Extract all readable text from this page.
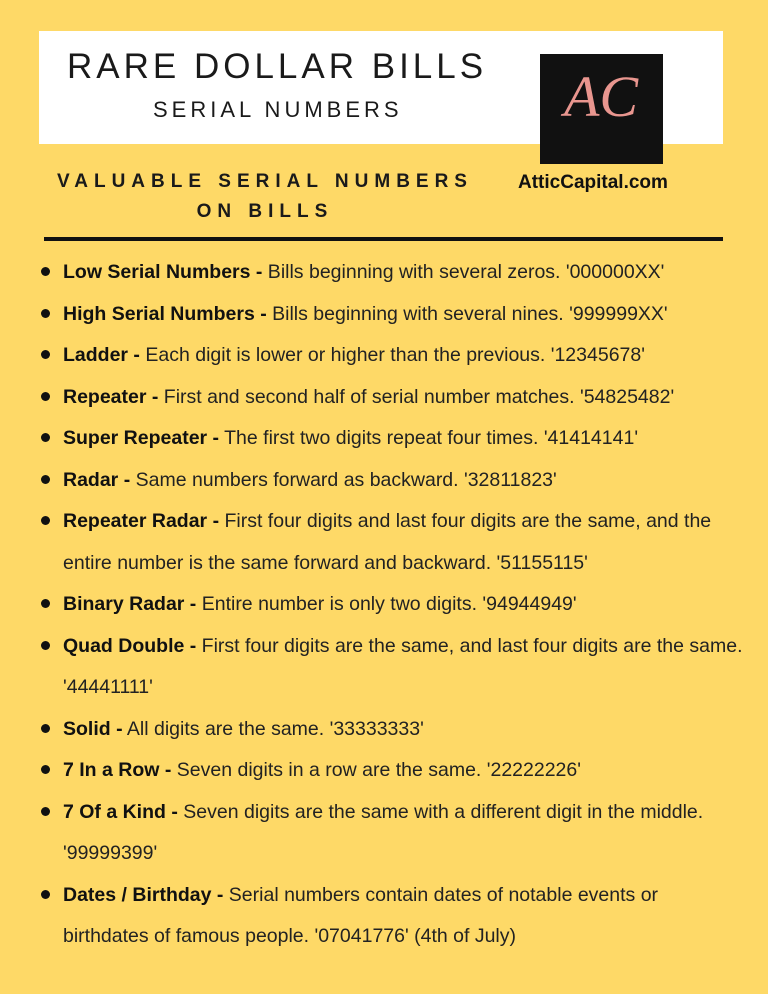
RARE DOLLAR BILLS
SERIAL NUMBERS	AC
VALUABLE SERIAL NUMBERS
ON BILLS
AtticCapital.com
Low Serial Numbers - Bills beginning with several zeros. '000000XX'
High Serial Numbers - Bills beginning with several nines. '999999XX'
Ladder - Each digit is lower or higher than the previous. '12345678'
Repeater - First and second half of serial number matches. '54825482'
Super Repeater - The first two digits repeat four times. '41414141'
Radar - Same numbers forward as backward. '32811823'
Repeater Radar - First four digits and last four digits are the same, and the entire number is the same forward and backward. '51155115'
Binary Radar - Entire number is only two digits. '94944949'
Quad Double - First four digits are the same, and last four digits are the same. '44441111'
Solid - All digits are the same. '33333333'
7 In a Row - Seven digits in a row are the same. '22222226'
7 Of a Kind - Seven digits are the same with a different digit in the middle. '99999399'
Dates / Birthday - Serial numbers contain dates of notable events or birthdates of famous people. '07041776' (4th of July)
